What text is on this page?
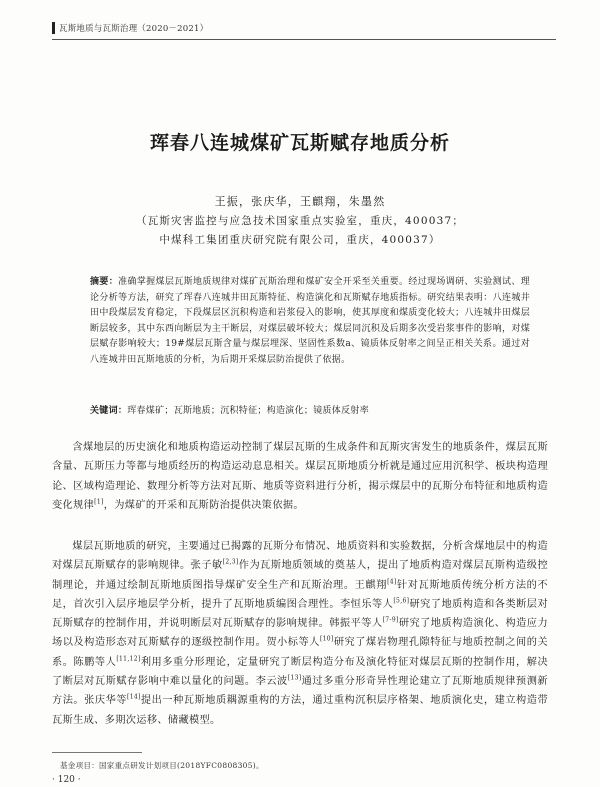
瓦斯地质与瓦斯治理（2020－2021）
珲春八连城煤矿瓦斯赋存地质分析
王振，张庆华，王麒翔，朱墨然
（瓦斯灾害监控与应急技术国家重点实验室，重庆，400037；
中煤科工集团重庆研究院有限公司，重庆，400037）
摘要：准确掌握煤层瓦斯地质规律对煤矿瓦斯治理和煤矿安全开采至关重要。经过现场调研、实验测试、理论分析等方法，研究了珲春八连城井田瓦斯特征、构造演化和瓦斯赋存地质指标。研究结果表明：八连城井田中段煤层发育稳定，下段煤层区沉积构造和岩浆侵入的影响，使其厚度和煤质变化较大；八连城井田煤层断层较多，其中东西向断层为主干断层，对煤层破坏较大；煤层同沉积及后期多次受岩浆事件的影响，对煤层赋存影响较大；19#煤层瓦斯含量与煤层埋深、坚固性系数a、镜质体反射率之间呈正相关关系。通过对八连城井田瓦斯地质的分析，为后期开采煤层防治提供了依据。
关键词：珲春煤矿；瓦斯地质；沉积特征；构造演化；镜质体反射率
含煤地层的历史演化和地质构造运动控制了煤层瓦斯的生成条件和瓦斯灾害发生的地质条件，煤层瓦斯含量、瓦斯压力等都与地质经历的构造运动息息相关。煤层瓦斯地质分析就是通过应用沉积学、板块构造理论、区域构造理论、数理分析等方法对瓦斯、地质等资料进行分析，揭示煤层中的瓦斯分布特征和地质构造变化规律[1]，为煤矿的开采和瓦斯防治提供决策依据。
煤层瓦斯地质的研究，主要通过已揭露的瓦斯分布情况、地质资料和实验数据，分析含煤地层中的构造对煤层瓦斯赋存的影响规律。张子敏[2,3]作为瓦斯地质领域的奠基人，提出了地质构造对煤层瓦斯构造级控制理论，并通过绘制瓦斯地质图指导煤矿安全生产和瓦斯治理。王麒翔[4]针对瓦斯地质传统分析方法的不足，首次引入层序地层学分析，提升了瓦斯地质编图合理性。李恒乐等人[5,6]研究了地质构造和各类断层对瓦斯赋存的控制作用，并说明断层对瓦斯赋存的影响规律。韩振平等人[7-9]研究了地质构造演化、构造应力场以及构造形态对瓦斯赋存的逐级控制作用。贺小标等人[10]研究了煤岩物理孔隙特征与地质控制之间的关系。陈鹏等人[11,12]利用多重分形理论，定量研究了断层构造分布及演化特征对煤层瓦斯的控制作用，解决了断层对瓦斯赋存影响中难以量化的问题。李云波[13]通过多重分形奇异性理论建立了瓦斯地质规律预测新方法。张庆华等[14]提出一种瓦斯地质耦源重构的方法，通过重构沉积层序格架、地质演化史，建立构造带瓦斯生成、多期次运移、储藏模型。
基金项目：国家重点研发计划项目(2018YFC0808305)。
· 120 ·
